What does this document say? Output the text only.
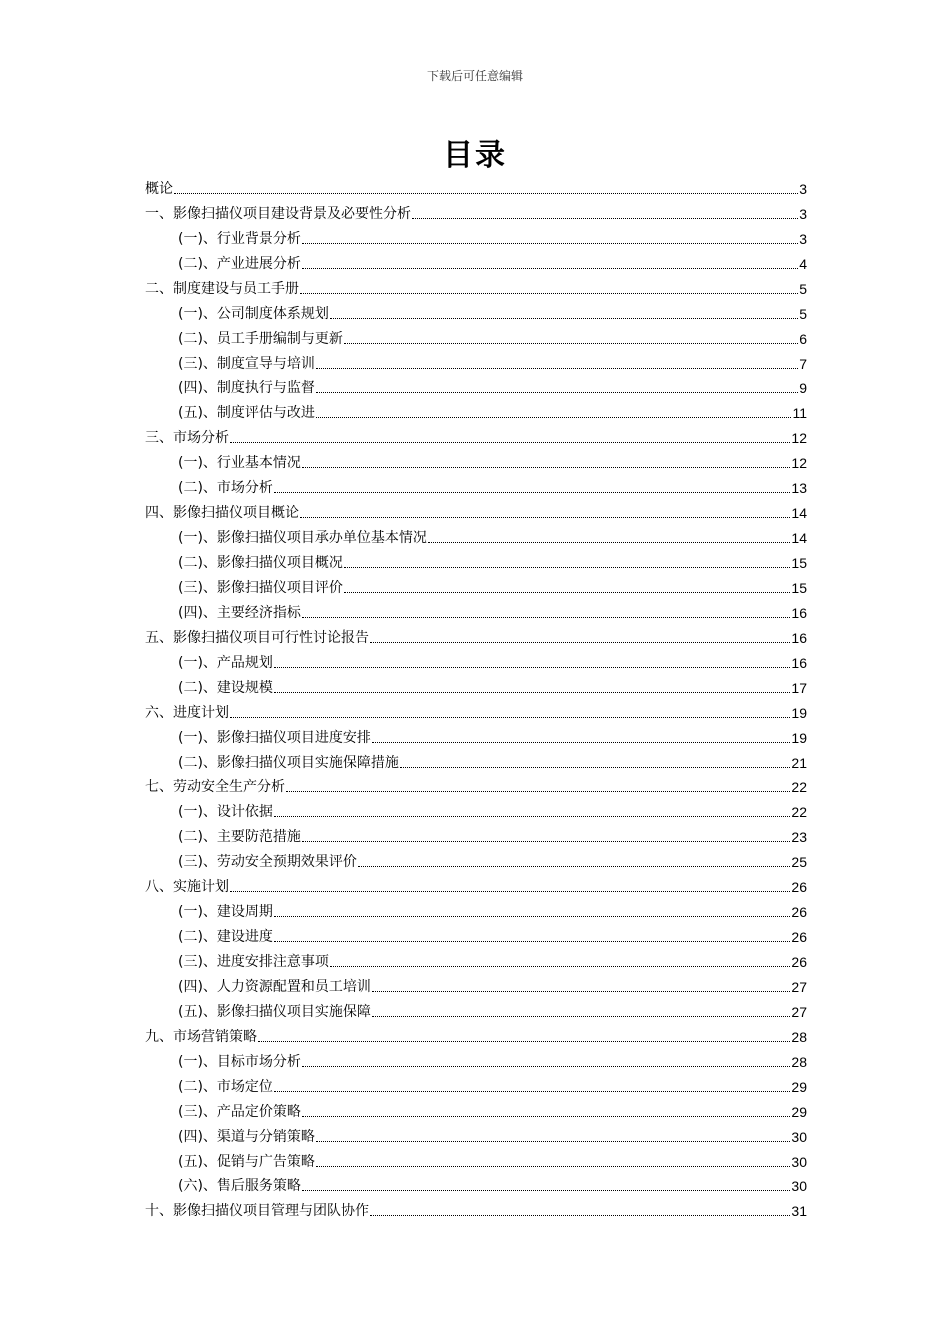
下载后可任意编辑
目录
概论	3
一、影像扫描仪项目建设背景及必要性分析	3
(一)、行业背景分析	3
(二)、产业进展分析	4
二、制度建设与员工手册	5
(一)、公司制度体系规划	5
(二)、员工手册编制与更新	6
(三)、制度宣导与培训	7
(四)、制度执行与监督	9
(五)、制度评估与改进	11
三、市场分析	12
(一)、行业基本情况	12
(二)、市场分析	13
四、影像扫描仪项目概论	14
(一)、影像扫描仪项目承办单位基本情况	14
(二)、影像扫描仪项目概况	15
(三)、影像扫描仪项目评价	15
(四)、主要经济指标	16
五、影像扫描仪项目可行性讨论报告	16
(一)、产品规划	16
(二)、建设规模	17
六、进度计划	19
(一)、影像扫描仪项目进度安排	19
(二)、影像扫描仪项目实施保障措施	21
七、劳动安全生产分析	22
(一)、设计依据	22
(二)、主要防范措施	23
(三)、劳动安全预期效果评价	25
八、实施计划	26
(一)、建设周期	26
(二)、建设进度	26
(三)、进度安排注意事项	26
(四)、人力资源配置和员工培训	27
(五)、影像扫描仪项目实施保障	27
九、市场营销策略	28
(一)、目标市场分析	28
(二)、市场定位	29
(三)、产品定价策略	29
(四)、渠道与分销策略	30
(五)、促销与广告策略	30
(六)、售后服务策略	30
十、影像扫描仪项目管理与团队协作	31
